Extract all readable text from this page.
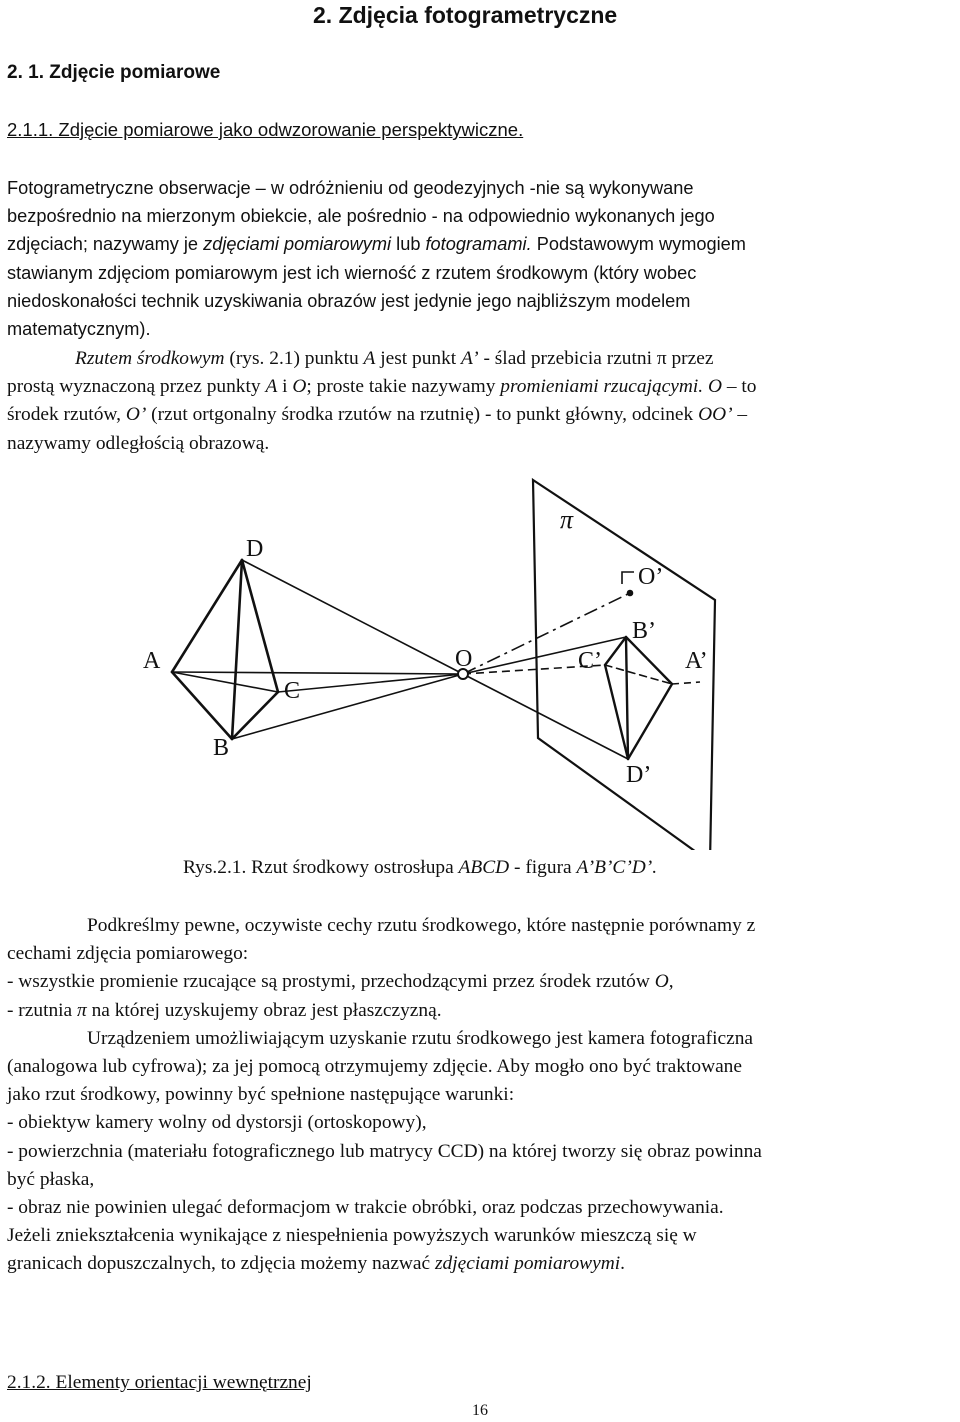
2. Zdjęcia fotogrametryczne
2. 1. Zdjęcie pomiarowe
2.1.1. Zdjęcie pomiarowe jako odwzorowanie perspektywiczne.
Fotogrametryczne obserwacje – w odróżnieniu od geodezyjnych -nie są wykonywane
bezpośrednio na mierzonym obiekcie, ale pośrednio - na odpowiednio wykonanych jego
zdjęciach; nazywamy je zdjęciami pomiarowymi lub fotogramami. Podstawowym wymogiem
stawianym zdjęciom pomiarowym jest ich wierność z rzutem środkowym (który wobec
niedoskonałości technik uzyskiwania obrazów jest jedynie jego najbliższym modelem
matematycznym).
Rzutem środkowym (rys. 2.1) punktu A jest punkt A’ - ślad przebicia rzutni π przez
prostą wyznaczoną przez punkty A i O; proste takie nazywamy promieniami rzucającymi. O – to
środek rzutów, O’ (rzut ortgonalny środka rzutów na rzutnię) - to punkt główny, odcinek OO’ –
nazywamy odległością obrazową.
D
A
C
B
O
π
O’
B’
C’	A’
D’
Rys.2.1. Rzut środkowy ostrosłupa ABCD - figura A’B’C’D’.
Podkreślmy pewne, oczywiste cechy rzutu środkowego, które następnie porównamy z
cechami zdjęcia pomiarowego:
- wszystkie promienie rzucające są prostymi, przechodzącymi przez środek rzutów O,
- rzutnia π na której uzyskujemy obraz jest płaszczyzną.
Urządzeniem umożliwiającym uzyskanie rzutu środkowego jest kamera fotograficzna
(analogowa lub cyfrowa); za jej pomocą otrzymujemy zdjęcie. Aby mogło ono być traktowane
jako rzut środkowy, powinny być spełnione następujące warunki:
- obiektyw kamery wolny od dystorsji (ortoskopowy),
- powierzchnia (materiału fotograficznego lub matrycy CCD) na której tworzy się obraz powinna
być płaska,
- obraz nie powinien ulegać deformacjom w trakcie obróbki, oraz podczas przechowywania.
Jeżeli zniekształcenia wynikające z niespełnienia powyższych warunków mieszczą się w
granicach dopuszczalnych, to zdjęcia możemy nazwać zdjęciami pomiarowymi.
2.1.2. Elementy orientacji wewnętrznej
16
